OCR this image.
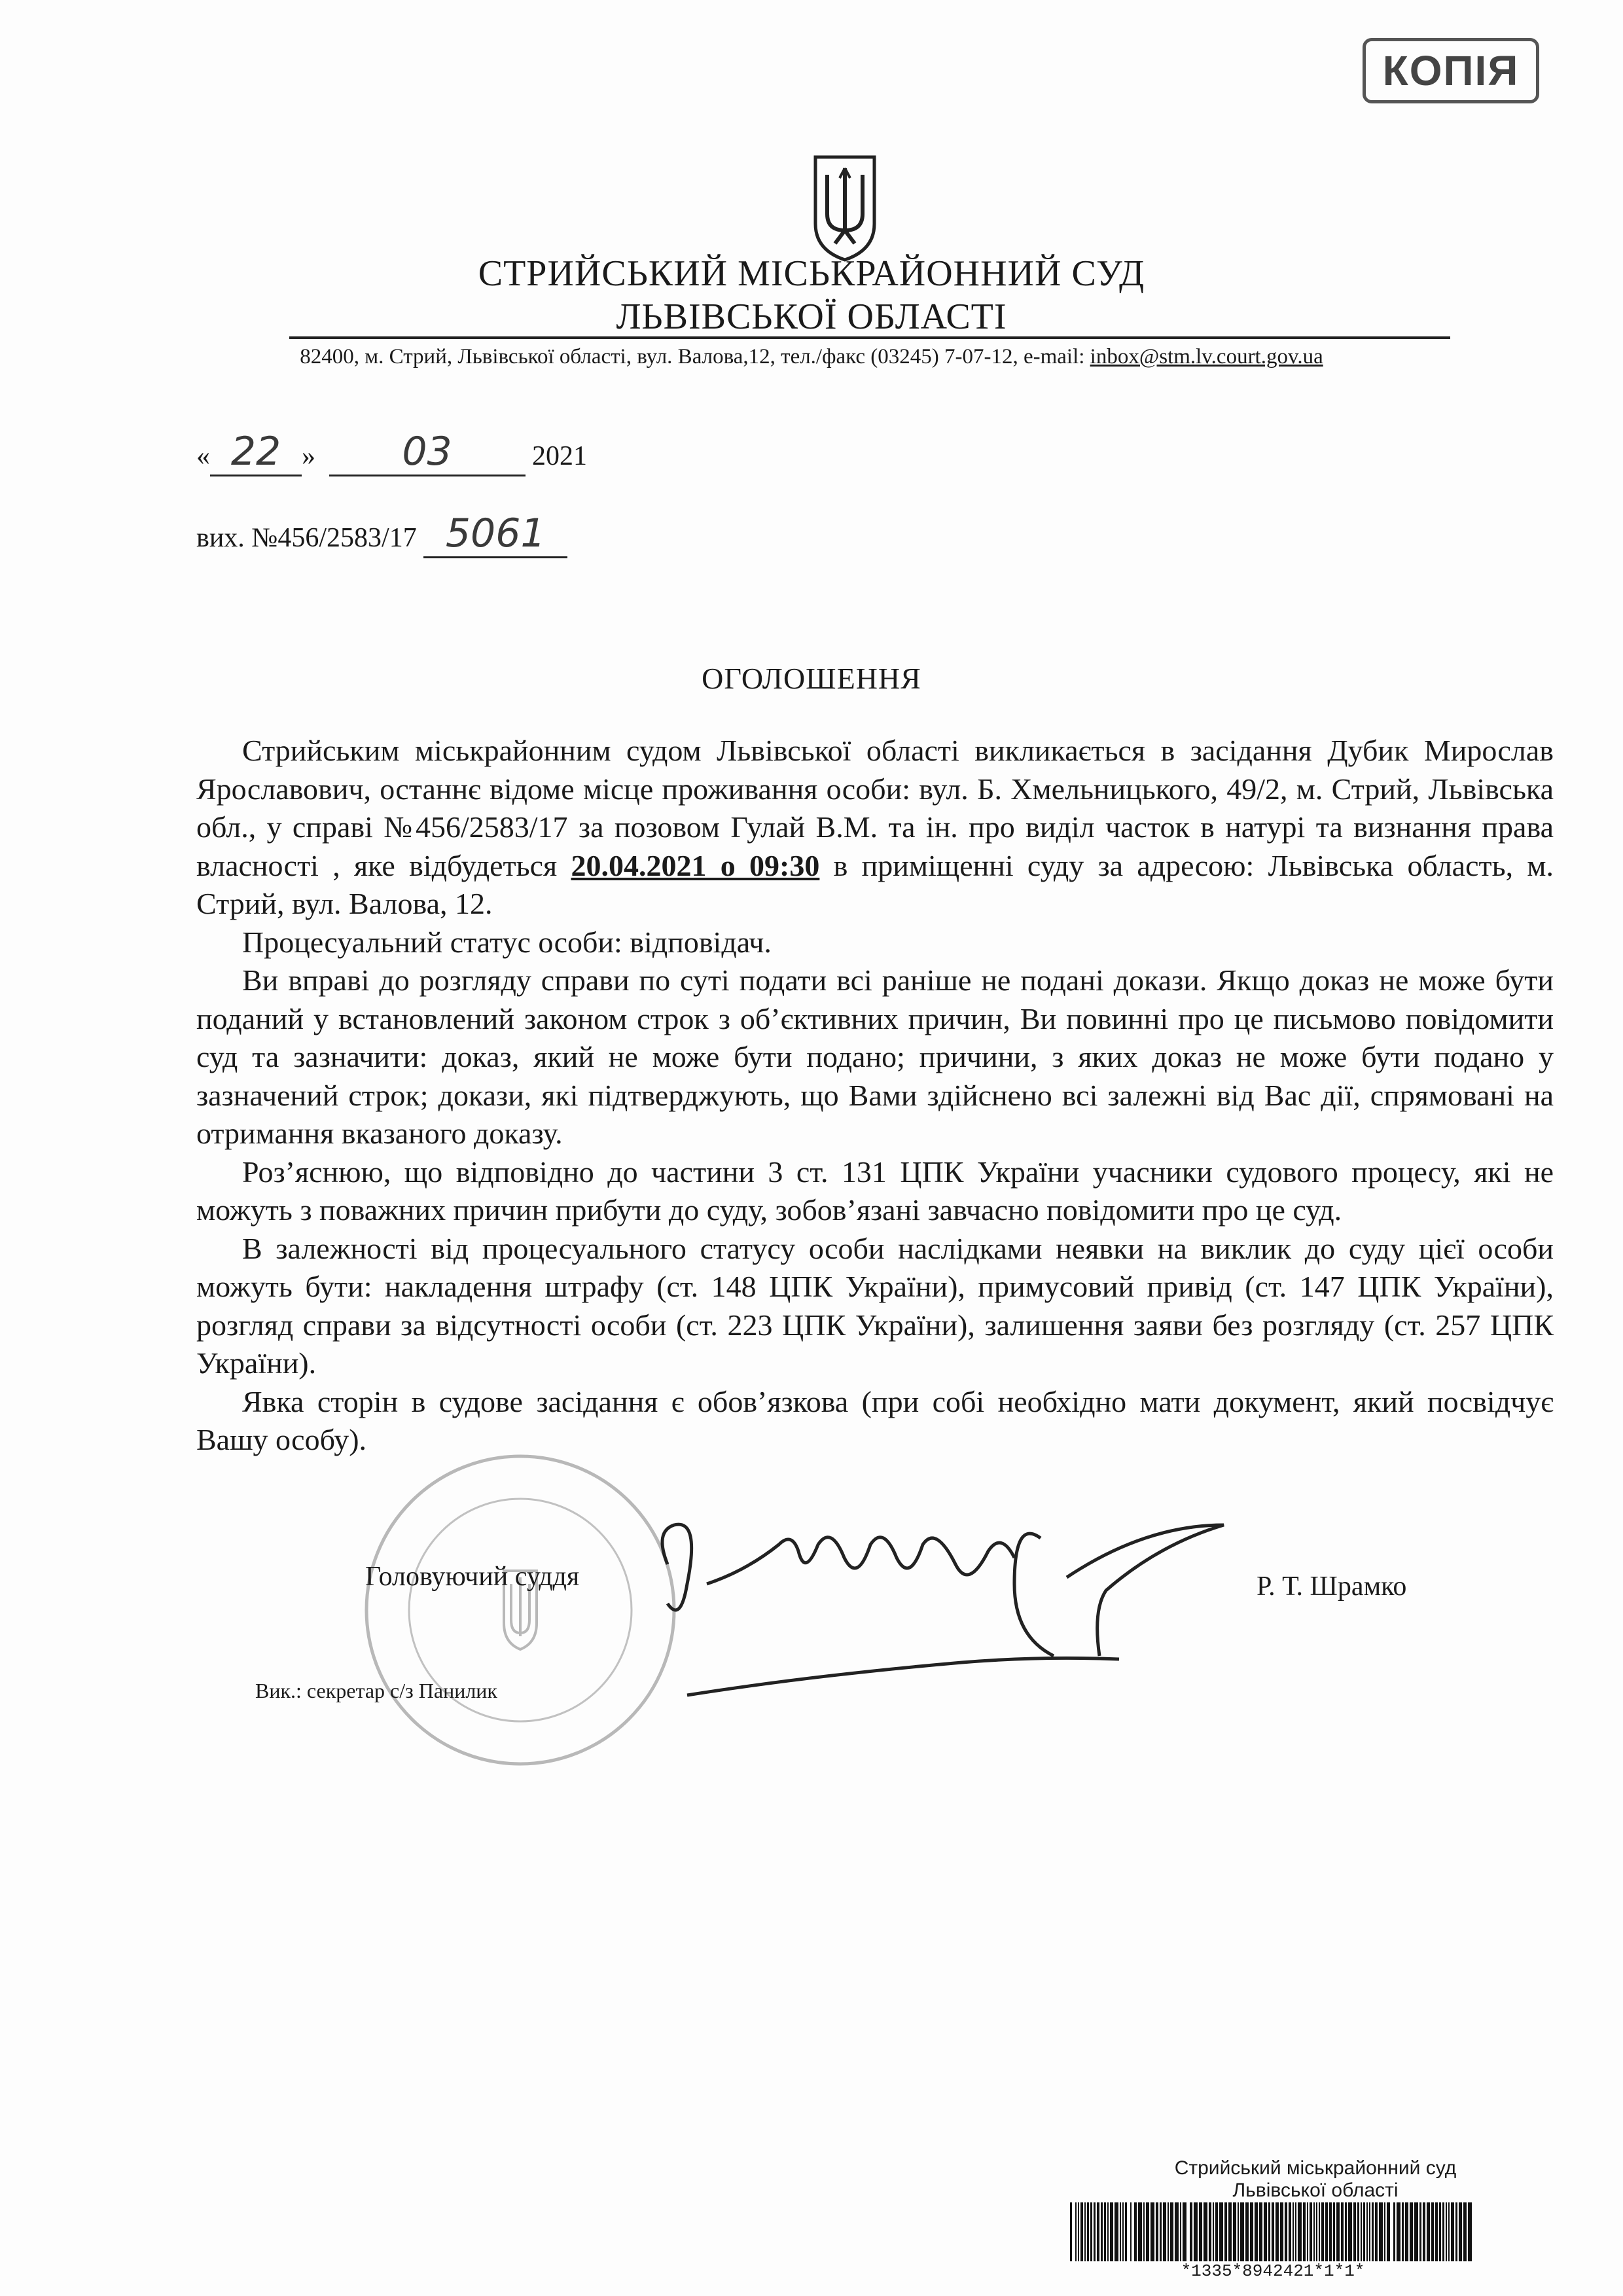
КОПІЯ
СТРИЙСЬКИЙ МІСЬКРАЙОННИЙ СУД
ЛЬВІВСЬКОЇ ОБЛАСТІ
82400, м. Стрий, Львівської області, вул. Валова,12, тел./факс (03245) 7-07-12, e-mail: inbox@stm.lv.court.gov.ua
« 22 » 03	2021
вих. №456/2583/17 5061
ОГОЛОШЕННЯ

Стрийським міськрайонним судом Львівської області викликається в засідання Дубик Мирослав Ярославович, останнє відоме місце проживання особи: вул. Б. Хмельницького, 49/2, м. Стрий, Львівська обл., у справі №456/2583/17 за позовом Гулай В.М. та ін. про виділ часток в натурі та визнання права власності , яке відбудеться 20.04.2021 о 09:30 в приміщенні суду за адресою: Львівська область, м. Стрий, вул. Валова, 12.

Процесуальний статус особи: відповідач.

Ви вправі до розгляду справи по суті подати всі раніше не подані докази. Якщо доказ не може бути поданий у встановлений законом строк з об’єктивних причин, Ви повинні про це письмово повідомити суд та зазначити: доказ, який не може бути подано; причини, з яких доказ не може бути подано у зазначений строк; докази, які підтверджують, що Вами здійснено всі залежні від Вас дії, спрямовані на отримання вказаного доказу.

Роз’яснюю, що відповідно до частини 3 ст. 131 ЦПК України учасники судового процесу, які не можуть з поважних причин прибути до суду, зобов’язані завчасно повідомити про це суд.

В залежності від процесуального статусу особи наслідками неявки на виклик до суду цієї особи можуть бути: накладення штрафу (ст. 148 ЦПК України), примусовий привід (ст. 147 ЦПК України), розгляд справи за відсутності особи (ст. 223 ЦПК України), залишення заяви без розгляду (ст. 257 ЦПК України).

Явка сторін в судове засідання є обов’язкова (при собі необхідно мати документ, який посвідчує Вашу особу).

Головуючий суддя	Р. Т. Шрамко
Вик.: секретар с/з Панилик
Стрийський міськрайонний суд
Львівської області
*1335*8942421*1*1*
